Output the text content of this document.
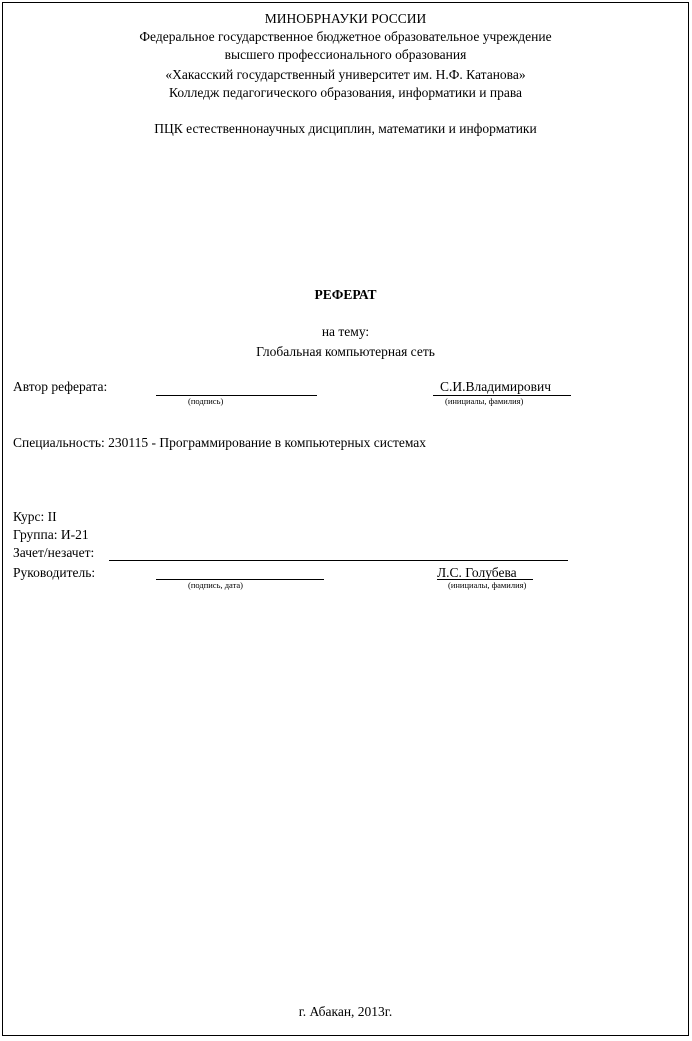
МИНОБРНАУКИ РОССИИ
Федеральное государственное бюджетное образовательное учреждение
высшего профессионального образования
«Хакасский государственный университет им. Н.Ф. Катанова»
Колледж педагогического образования, информатики и права
ПЦК естественнонаучных дисциплин, математики и информатики
РЕФЕРАТ
на тему:
Глобальная компьютерная сеть
Автор реферата:
(подпись)
С.И.Владимирович
(инициалы, фамилия)
Специальность: 230115 - Программирование в компьютерных системах
Курс: II
Группа: И-21
Зачет/незачет:
Руководитель:
(подпись, дата)
Л.С. Голубева
(инициалы, фамилия)
г. Абакан, 2013г.
